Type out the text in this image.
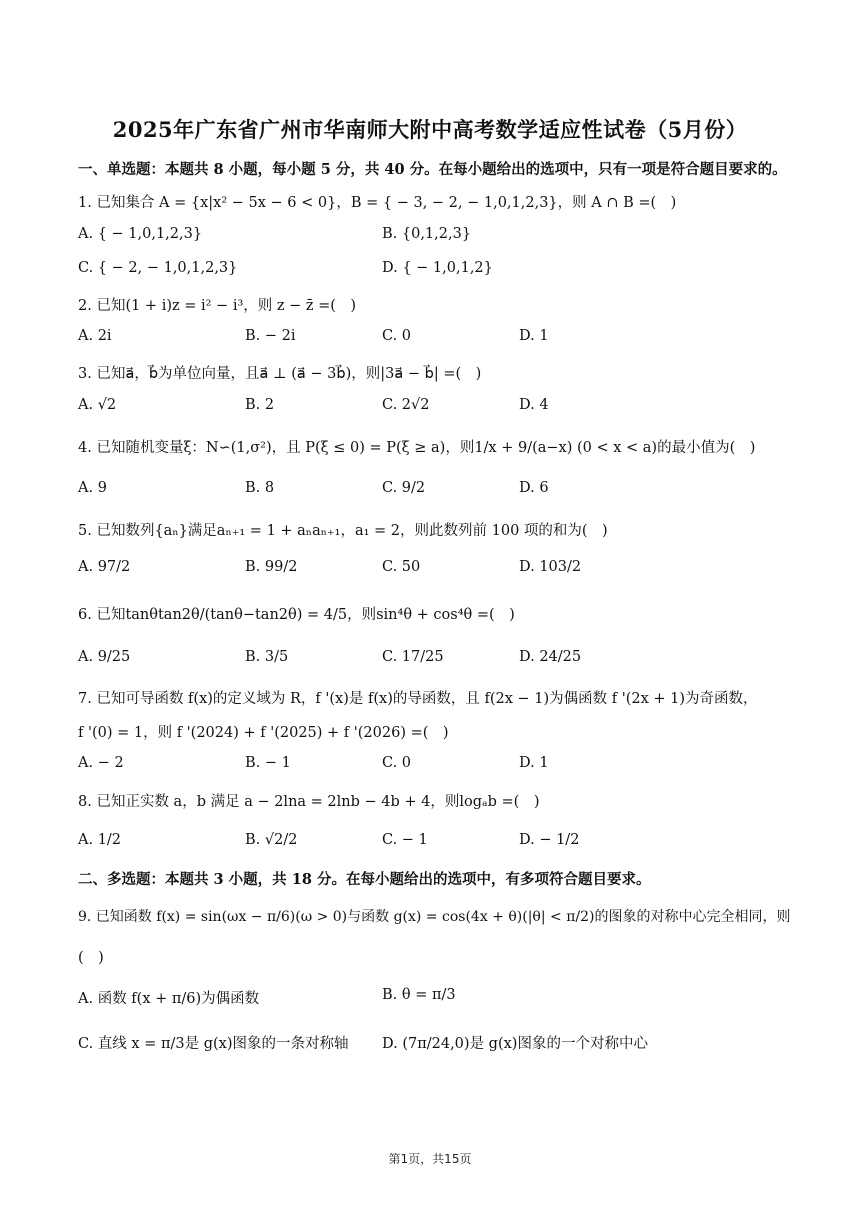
2025年广东省广州市华南师大附中高考数学适应性试卷（5月份）
一、单选题：本题共 8 小题，每小题 5 分，共 40 分。在每小题给出的选项中，只有一项是符合题目要求的。
1. 已知集合 A = {x|x² − 5x − 6 < 0}，B = { − 3, − 2, − 1,0,1,2,3}，则 A ∩ B =(　)
A. { − 1,0,1,2,3}	B. {0,1,2,3}
C. { − 2, − 1,0,1,2,3}	D. { − 1,0,1,2}
2. 已知(1 + i)z = i² − i³，则 z − z̄ =(　)
A. 2i	B. − 2i	C. 0	D. 1
3. 已知a⃗，b⃗为单位向量，且a⃗ ⊥ (a⃗ − 3b⃗)，则|3a⃗ − b⃗| =(　)
A. √2	B. 2	C. 2√2	D. 4
4. 已知随机变量ξ：N∽(1,σ²)，且 P(ξ ≤ 0) = P(ξ ≥ a)，则1/x + 9/(a−x) (0 < x < a)的最小值为(　)
A. 9	B. 8	C. 9/2	D. 6
5. 已知数列{aₙ}满足aₙ₊₁ = 1 + aₙaₙ₊₁，a₁ = 2，则此数列前 100 项的和为(　)
A. 97/2	B. 99/2	C. 50	D. 103/2
6. 已知tanθtan2θ/(tanθ−tan2θ) = 4/5，则sin⁴θ + cos⁴θ =(　)
A. 9/25	B. 3/5	C. 17/25	D. 24/25
7. 已知可导函数 f(x)的定义域为 R，f '(x)是 f(x)的导函数，且 f(2x − 1)为偶函数 f '(2x + 1)为奇函数，
f '(0) = 1，则 f '(2024) + f '(2025) + f '(2026) =(　)
A. − 2	B. − 1	C. 0	D. 1
8. 已知正实数 a，b 满足 a − 2lna = 2lnb − 4b + 4，则logₐb =(　)
A. 1/2	B. √2/2	C. − 1	D. − 1/2
二、多选题：本题共 3 小题，共 18 分。在每小题给出的选项中，有多项符合题目要求。
9. 已知函数 f(x) = sin(ωx − π/6)(ω > 0)与函数 g(x) = cos(4x + θ)(|θ| < π/2)的图象的对称中心完全相同，则
(　)
A. 函数 f(x + π/6)为偶函数	B. θ = π/3
C. 直线 x = π/3是 g(x)图象的一条对称轴 D. (7π/24,0)是 g(x)图象的一个对称中心
第1页，共15页
